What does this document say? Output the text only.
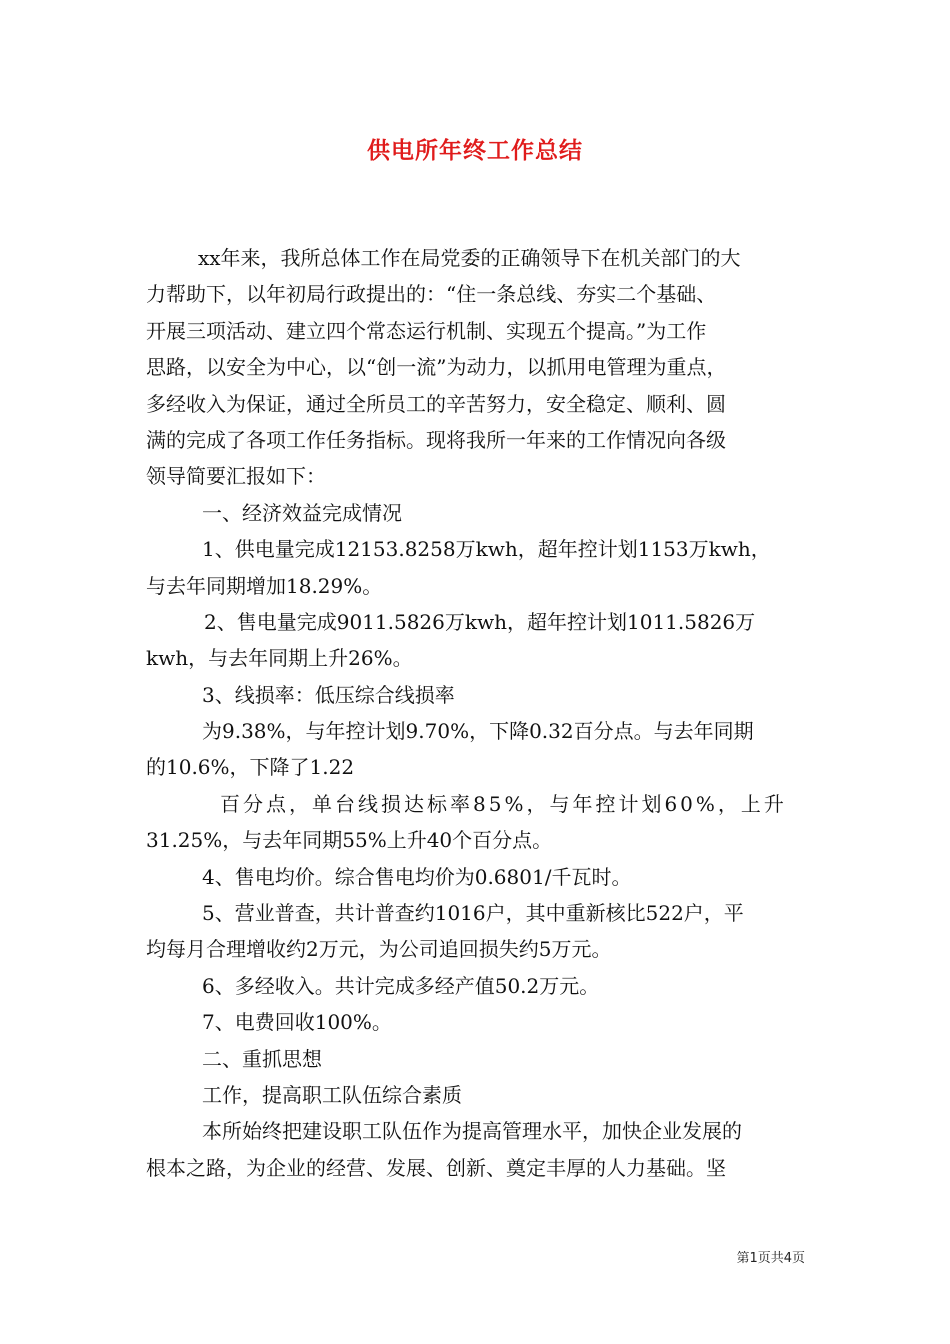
供电所年终工作总结
xx年来，我所总体工作在局党委的正确领导下在机关部门的大
力帮助下，以年初局行政提出的：“住一条总线、夯实二个基础、
开展三项活动、建立四个常态运行机制、实现五个提高。”为工作
思路，以安全为中心，以“创一流”为动力，以抓用电管理为重点，
多经收入为保证，通过全所员工的辛苦努力，安全稳定、顺利、圆
满的完成了各项工作任务指标。现将我所一年来的工作情况向各级
领导简要汇报如下：
一、经济效益完成情况
1、供电量完成12153.8258万kwh，超年控计划1153万kwh，
与去年同期增加18.29%。
2、售电量完成9011.5826万kwh，超年控计划1011.5826万
kwh，与去年同期上升26%。
3、线损率：低压综合线损率
为9.38%，与年控计划9.70%，下降0.32百分点。与去年同期
的10.6%，下降了1.22
百分点，单台线损达标率85%，与年控计划60%，上升
31.25%，与去年同期55%上升40个百分点。
4、售电均价。综合售电均价为0.6801/千瓦时。
5、营业普查，共计普查约1016户，其中重新核比522户，平
均每月合理增收约2万元，为公司追回损失约5万元。
6、多经收入。共计完成多经产值50.2万元。
7、电费回收100%。
二、重抓思想
工作，提高职工队伍综合素质
本所始终把建设职工队伍作为提高管理水平，加快企业发展的
根本之路，为企业的经营、发展、创新、奠定丰厚的人力基础。坚
第1页共4页
